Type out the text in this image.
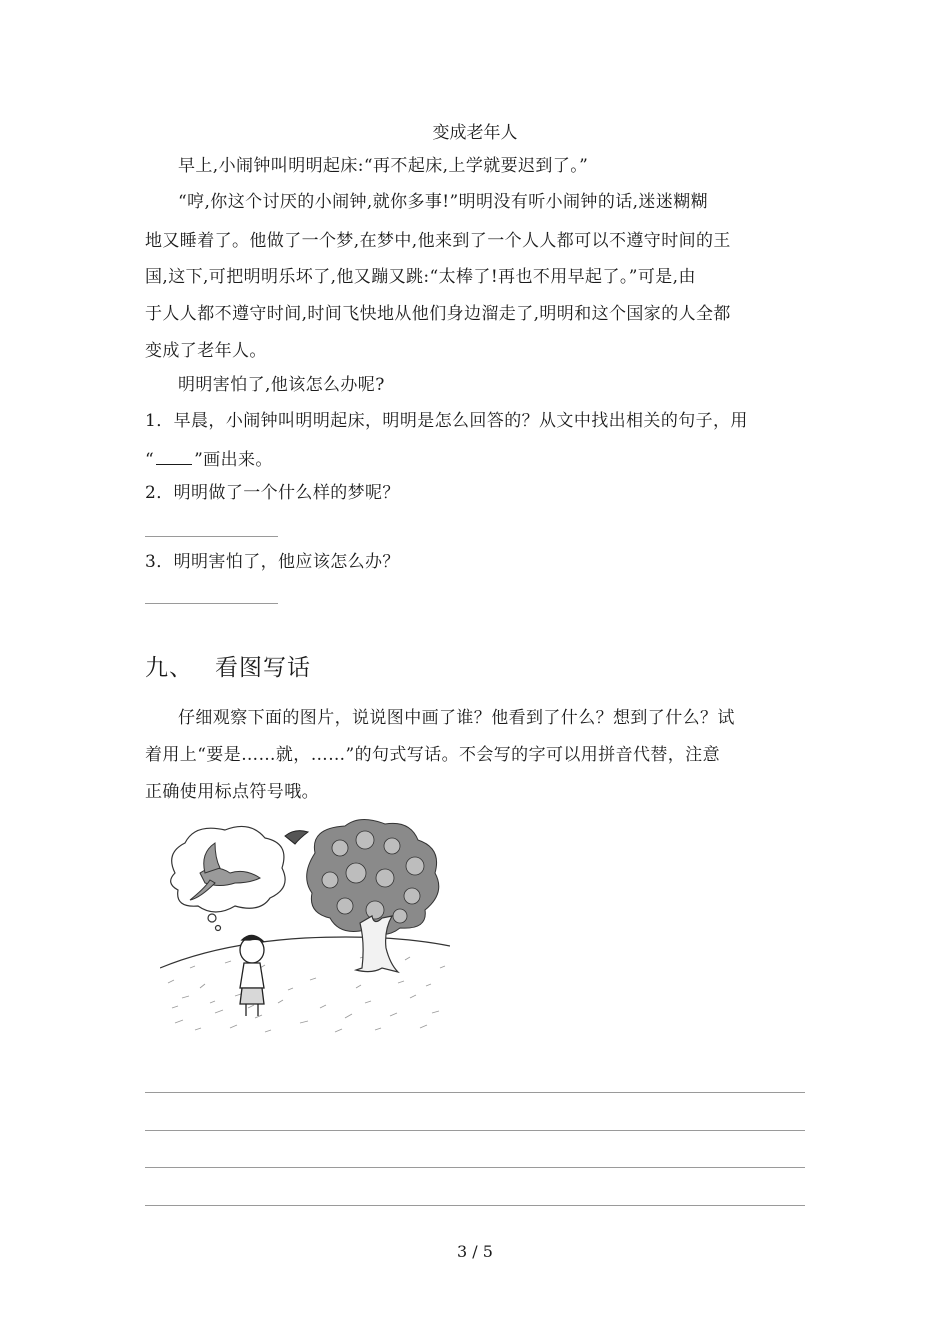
变成老年人
早上,小闹钟叫明明起床:“再不起床,上学就要迟到了。”
“哼,你这个讨厌的小闹钟,就你多事!”明明没有听小闹钟的话,迷迷糊糊
地又睡着了。他做了一个梦,在梦中,他来到了一个人人都可以不遵守时间的王
国,这下,可把明明乐坏了,他又蹦又跳:“太棒了!再也不用早起了。”可是,由
于人人都不遵守时间,时间飞快地从他们身边溜走了,明明和这个国家的人全都
变成了老年人。
明明害怕了,他该怎么办呢?
1．早晨，小闹钟叫明明起床，明明是怎么回答的？从文中找出相关的句子，用
“ ”画出来。
2．明明做了一个什么样的梦呢？
3．明明害怕了，他应该怎么办？
九、 看图写话
仔细观察下面的图片，说说图中画了谁？他看到了什么？想到了什么？试
着用上“要是……就，……”的句式写话。不会写的字可以用拼音代替，注意
正确使用标点符号哦。
3 / 5
